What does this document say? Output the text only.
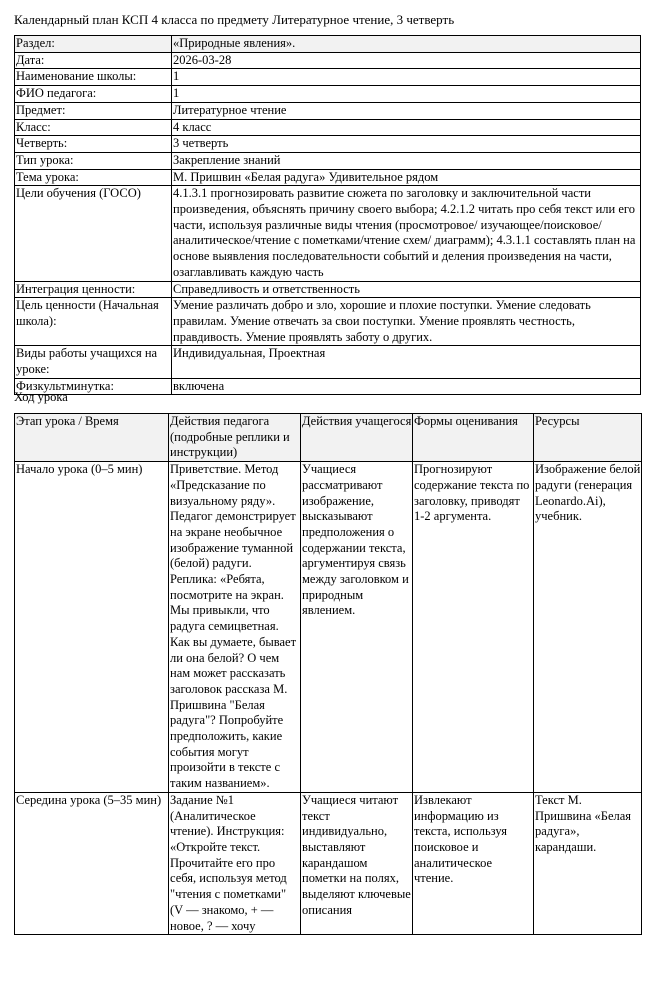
Календарный план КСП 4 класса по предмету Литературное чтение, 3 четверть
Раздел:	«Природные явления».
Дата:	2026-03-28
Наименование школы:	1
ФИО педагога:	1
Предмет:	Литературное чтение
Класс:	4 класс
Четверть:	3 четверть
Тип урока:	Закрепление знаний
Тема урока:	М. Пришвин «Белая радуга» Удивительное рядом
Цели обучения (ГОСО)	4.1.3.1 прогнозировать развитие сюжета по заголовку и заключительной части произведения, объяснять причину своего выбора; 4.2.1.2 читать про себя текст или его части, используя различные виды чтения (просмотровое/ изучающее/поисковое/ аналитическое/чтение с пометками/чтение схем/ диаграмм); 4.3.1.1 составлять план на основе выявления последовательности событий и деления произведения на части, озаглавливать каждую часть
Интеграция ценности:	Справедливость и ответственность
Цель ценности (Начальная школа):	Умение различать добро и зло, хорошие и плохие поступки. Умение следовать правилам. Умение отвечать за свои поступки. Умение проявлять честность, правдивость. Умение проявлять заботу о других.
Виды работы учащихся на уроке:	Индивидуальная, Проектная
Физкультминутка:	включена
Ход урока
Этап урока / Время	Действия педагога (подробные реплики и инструкции)	Действия учащегося	Формы оценивания	Ресурсы
Начало урока (0–5 мин)	Приветствие. Метод «Предсказание по визуальному ряду». Педагог демонстрирует на экране необычное изображение туманной (белой) радуги. Реплика: «Ребята, посмотрите на экран. Мы привыкли, что радуга семицветная. Как вы думаете, бывает ли она белой? О чем нам может рассказать заголовок рассказа М. Пришвина "Белая радуга"? Попробуйте предположить, какие события могут произойти в тексте с таким названием».	Учащиеся рассматривают изображение, высказывают предположения о содержании текста, аргументируя связь между заголовком и природным явлением.	Прогнозируют содержание текста по заголовку, приводят 1-2 аргумента.	Изображение белой радуги (генерация Leonardo.Ai), учебник.
Середина урока (5–35 мин)	Задание №1 (Аналитическое чтение). Инструкция: «Откройте текст. Прочитайте его про себя, используя метод "чтения с пометками" (V — знакомо, + — новое, ? — хочу	Учащиеся читают текст индивидуально, выставляют карандашом пометки на полях, выделяют ключевые описания	Извлекают информацию из текста, используя поисковое и аналитическое чтение.	Текст М. Пришвина «Белая радуга», карандаши.
